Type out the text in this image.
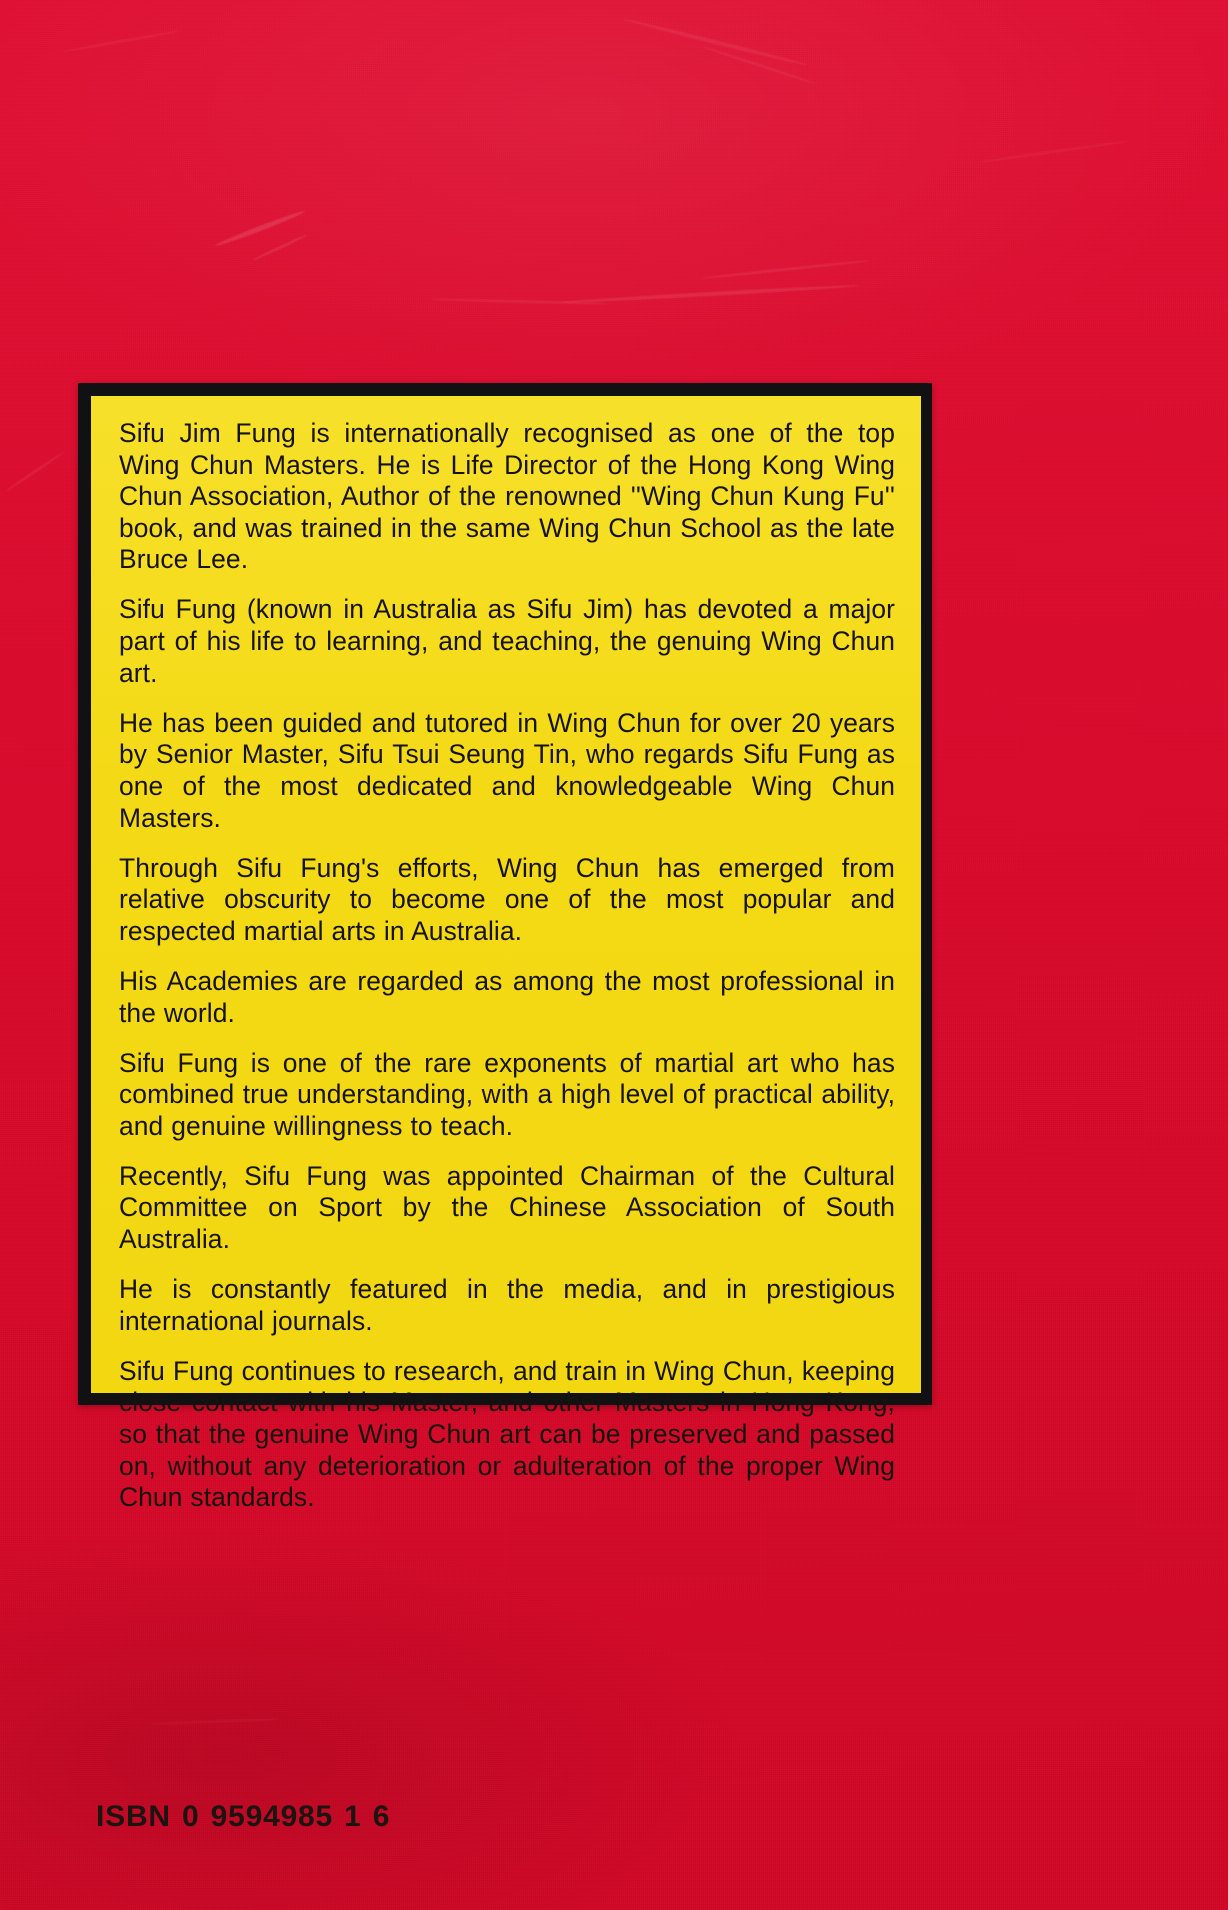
Sifu Jim Fung is internationally recognised as one of the top Wing Chun Masters. He is Life Director of the Hong Kong Wing Chun Association, Author of the renowned ''Wing Chun Kung Fu'' book, and was trained in the same Wing Chun School as the late Bruce Lee.

Sifu Fung (known in Australia as Sifu Jim) has devoted a major part of his life to learning, and teaching, the genuing Wing Chun art.

He has been guided and tutored in Wing Chun for over 20 years by Senior Master, Sifu Tsui Seung Tin, who regards Sifu Fung as one of the most dedicated and knowledgeable Wing Chun Masters.

Through Sifu Fung's efforts, Wing Chun has emerged from relative obscurity to become one of the most popular and respected martial arts in Australia.

His Academies are regarded as among the most professional in the world.

Sifu Fung is one of the rare exponents of martial art who has combined true understanding, with a high level of practical ability, and genuine willingness to teach.

Recently, Sifu Fung was appointed Chairman of the Cultural Committee on Sport by the Chinese Association of South Australia.

He is constantly featured in the media, and in prestigious international journals.

Sifu Fung continues to research, and train in Wing Chun, keeping close contact with his Master, and other Masters in Hong Kong, so that the genuine Wing Chun art can be preserved and passed on, without any deterioration or adulteration of the proper Wing Chun standards.

ISBN 0 9594985 1 6
